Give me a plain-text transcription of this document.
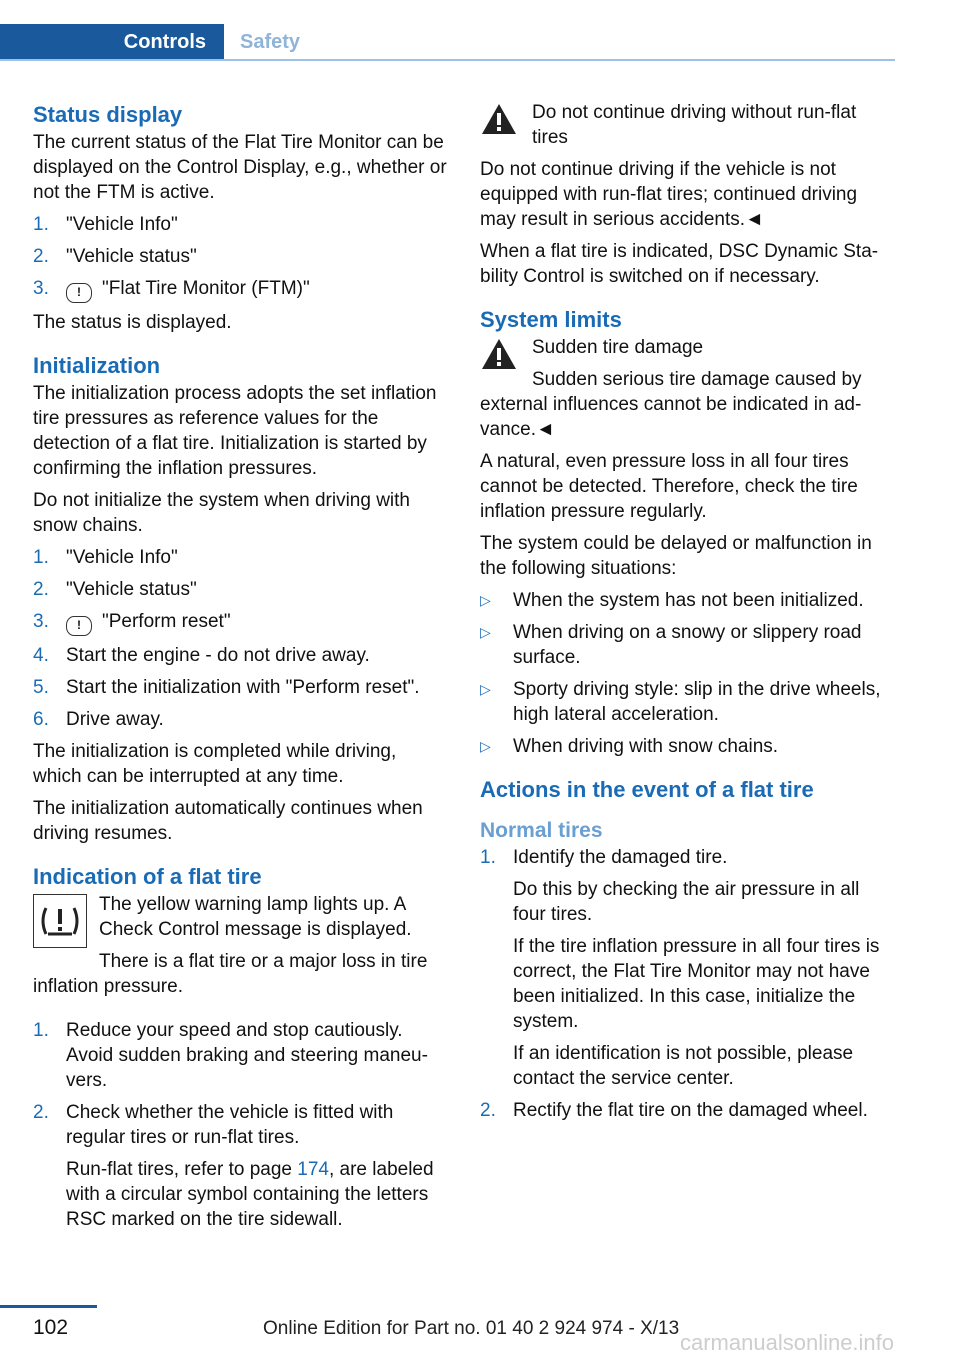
Controls	Safety
Status display

The current status of the Flat Tire Monitor can be displayed on the Control Display, e.g., whether or not the FTM is active.

1. "Vehicle Info"
2. "Vehicle status"
3. ! "Flat Tire Monitor (FTM)"

The status is displayed.

Initialization

The initialization process adopts the set inflation tire pressures as reference values for the detection of a flat tire. Initialization is started by confirming the inflation pressures.

Do not initialize the system when driving with snow chains.

1. "Vehicle Info"
2. "Vehicle status"
3. ! "Perform reset"
4. Start the engine - do not drive away.
5. Start the initialization with "Perform reset".
6. Drive away.

The initialization is completed while driving, which can be interrupted at any time.

The initialization automatically continues when driving resumes.

Indication of a flat tire

The yellow warning lamp lights up. A Check Control message is displayed.

There is a flat tire or a major loss in tire inflation pressure.

1. Reduce your speed and stop cautiously. Avoid sudden braking and steering maneuvers.
2. Check whether the vehicle is fitted with regular tires or run-flat tires.
Run-flat tires, refer to page 174, are labeled with a circular symbol containing the letters RSC marked on the tire sidewall.

Do not continue driving without run-flat tires

Do not continue driving if the vehicle is not equipped with run-flat tires; continued driving may result in serious accidents.◄

When a flat tire is indicated, DSC Dynamic Stability Control is switched on if necessary.

System limits

Sudden tire damage

Sudden serious tire damage caused by external influences cannot be indicated in advance.◄

A natural, even pressure loss in all four tires cannot be detected. Therefore, check the tire inflation pressure regularly.

The system could be delayed or malfunction in the following situations:

▷ When the system has not been initialized.
▷ When driving on a snowy or slippery road surface.
▷ Sporty driving style: slip in the drive wheels, high lateral acceleration.
▷ When driving with snow chains.
Actions in the event of a flat tire
Normal tires
1. Identify the damaged tire.
Do this by checking the air pressure in all four tires.
If the tire inflation pressure in all four tires is correct, the Flat Tire Monitor may not have been initialized. In this case, initialize the system.
If an identification is not possible, please contact the service center.
2. Rectify the flat tire on the damaged wheel.
102	Online Edition for Part no. 01 40 2 924 974 - X/13
carmanualsonline.info
